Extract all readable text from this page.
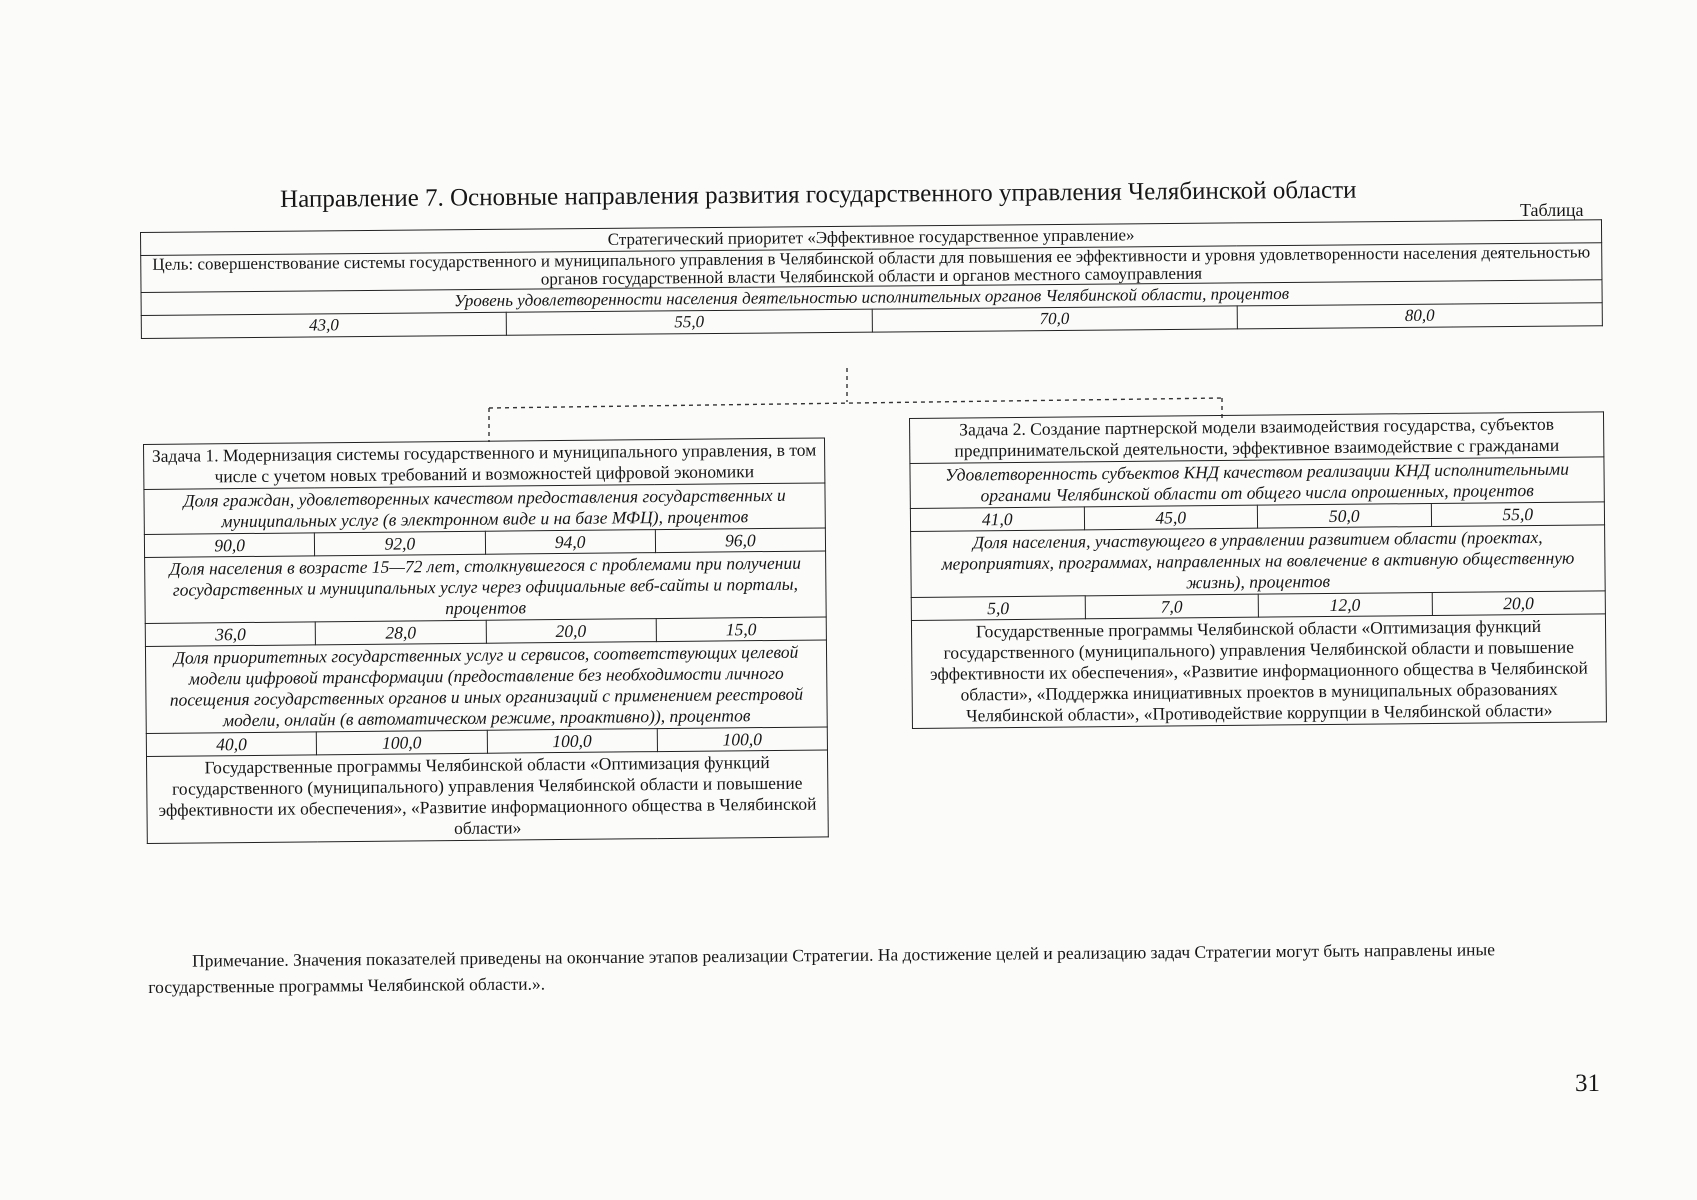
Направление 7. Основные направления развития государственного управления Челябинской области	Таблица
Стратегический приоритет «Эффективное государственное управление»
Цель: совершенствование системы государственного и муниципального управления в Челябинской области для повышения ее эффективности и уровня удовлетворенности населения деятельностью органов государственной власти Челябинской области и органов местного самоуправления
Уровень удовлетворенности населения деятельностью исполнительных органов Челябинской области, процентов
43,0	55,0	70,0	80,0
Задача 1. Модернизация системы государственного и муниципального управления, в том числе с учетом новых требований и возможностей цифровой экономики			
Доля граждан, удовлетворенных качеством предоставления государственных и муниципальных услуг (в электронном виде и на базе МФЦ), процентов			
90,0	92,0	94,0	96,0
Доля населения в возрасте 15—72 лет, столкнувшегося с проблемами при получении государственных и муниципальных услуг через официальные веб-сайты и порталы, процентов			
36,0	28,0	20,0	15,0
Доля приоритетных государственных услуг и сервисов, соответствующих целевой модели цифровой трансформации (предоставление без необходимости личного посещения государственных органов и иных организаций с применением реестровой модели, онлайн (в автоматическом режиме, проактивно)), процентов			
40,0	100,0	100,0	100,0
Государственные программы Челябинской области «Оптимизация функций государственного (муниципального) управления Челябинской области и повышение эффективности их обеспечения», «Развитие информационного общества в Челябинской области»			
Задача 2. Создание партнерской модели взаимодействия государства, субъектов предпринимательской деятельности, эффективное взаимодействие с гражданами			
Удовлетворенность субъектов КНД качеством реализации КНД исполнительными органами Челябинской области от общего числа опрошенных, процентов			
41,0	45,0	50,0	55,0
Доля населения, участвующего в управлении развитием области (проектах, мероприятиях, программах, направленных на вовлечение в активную общественную жизнь), процентов			
5,0	7,0	12,0	20,0
Государственные программы Челябинской области «Оптимизация функций государственного (муниципального) управления Челябинской области и повышение эффективности их обеспечения», «Развитие информационного общества в Челябинской области», «Поддержка инициативных проектов в муниципальных образованиях Челябинской области», «Противодействие коррупции в Челябинской области»			
Примечание. Значения показателей приведены на окончание этапов реализации Стратегии. На достижение целей и реализацию задач Стратегии могут быть направлены иные государственные программы Челябинской области.».
31
